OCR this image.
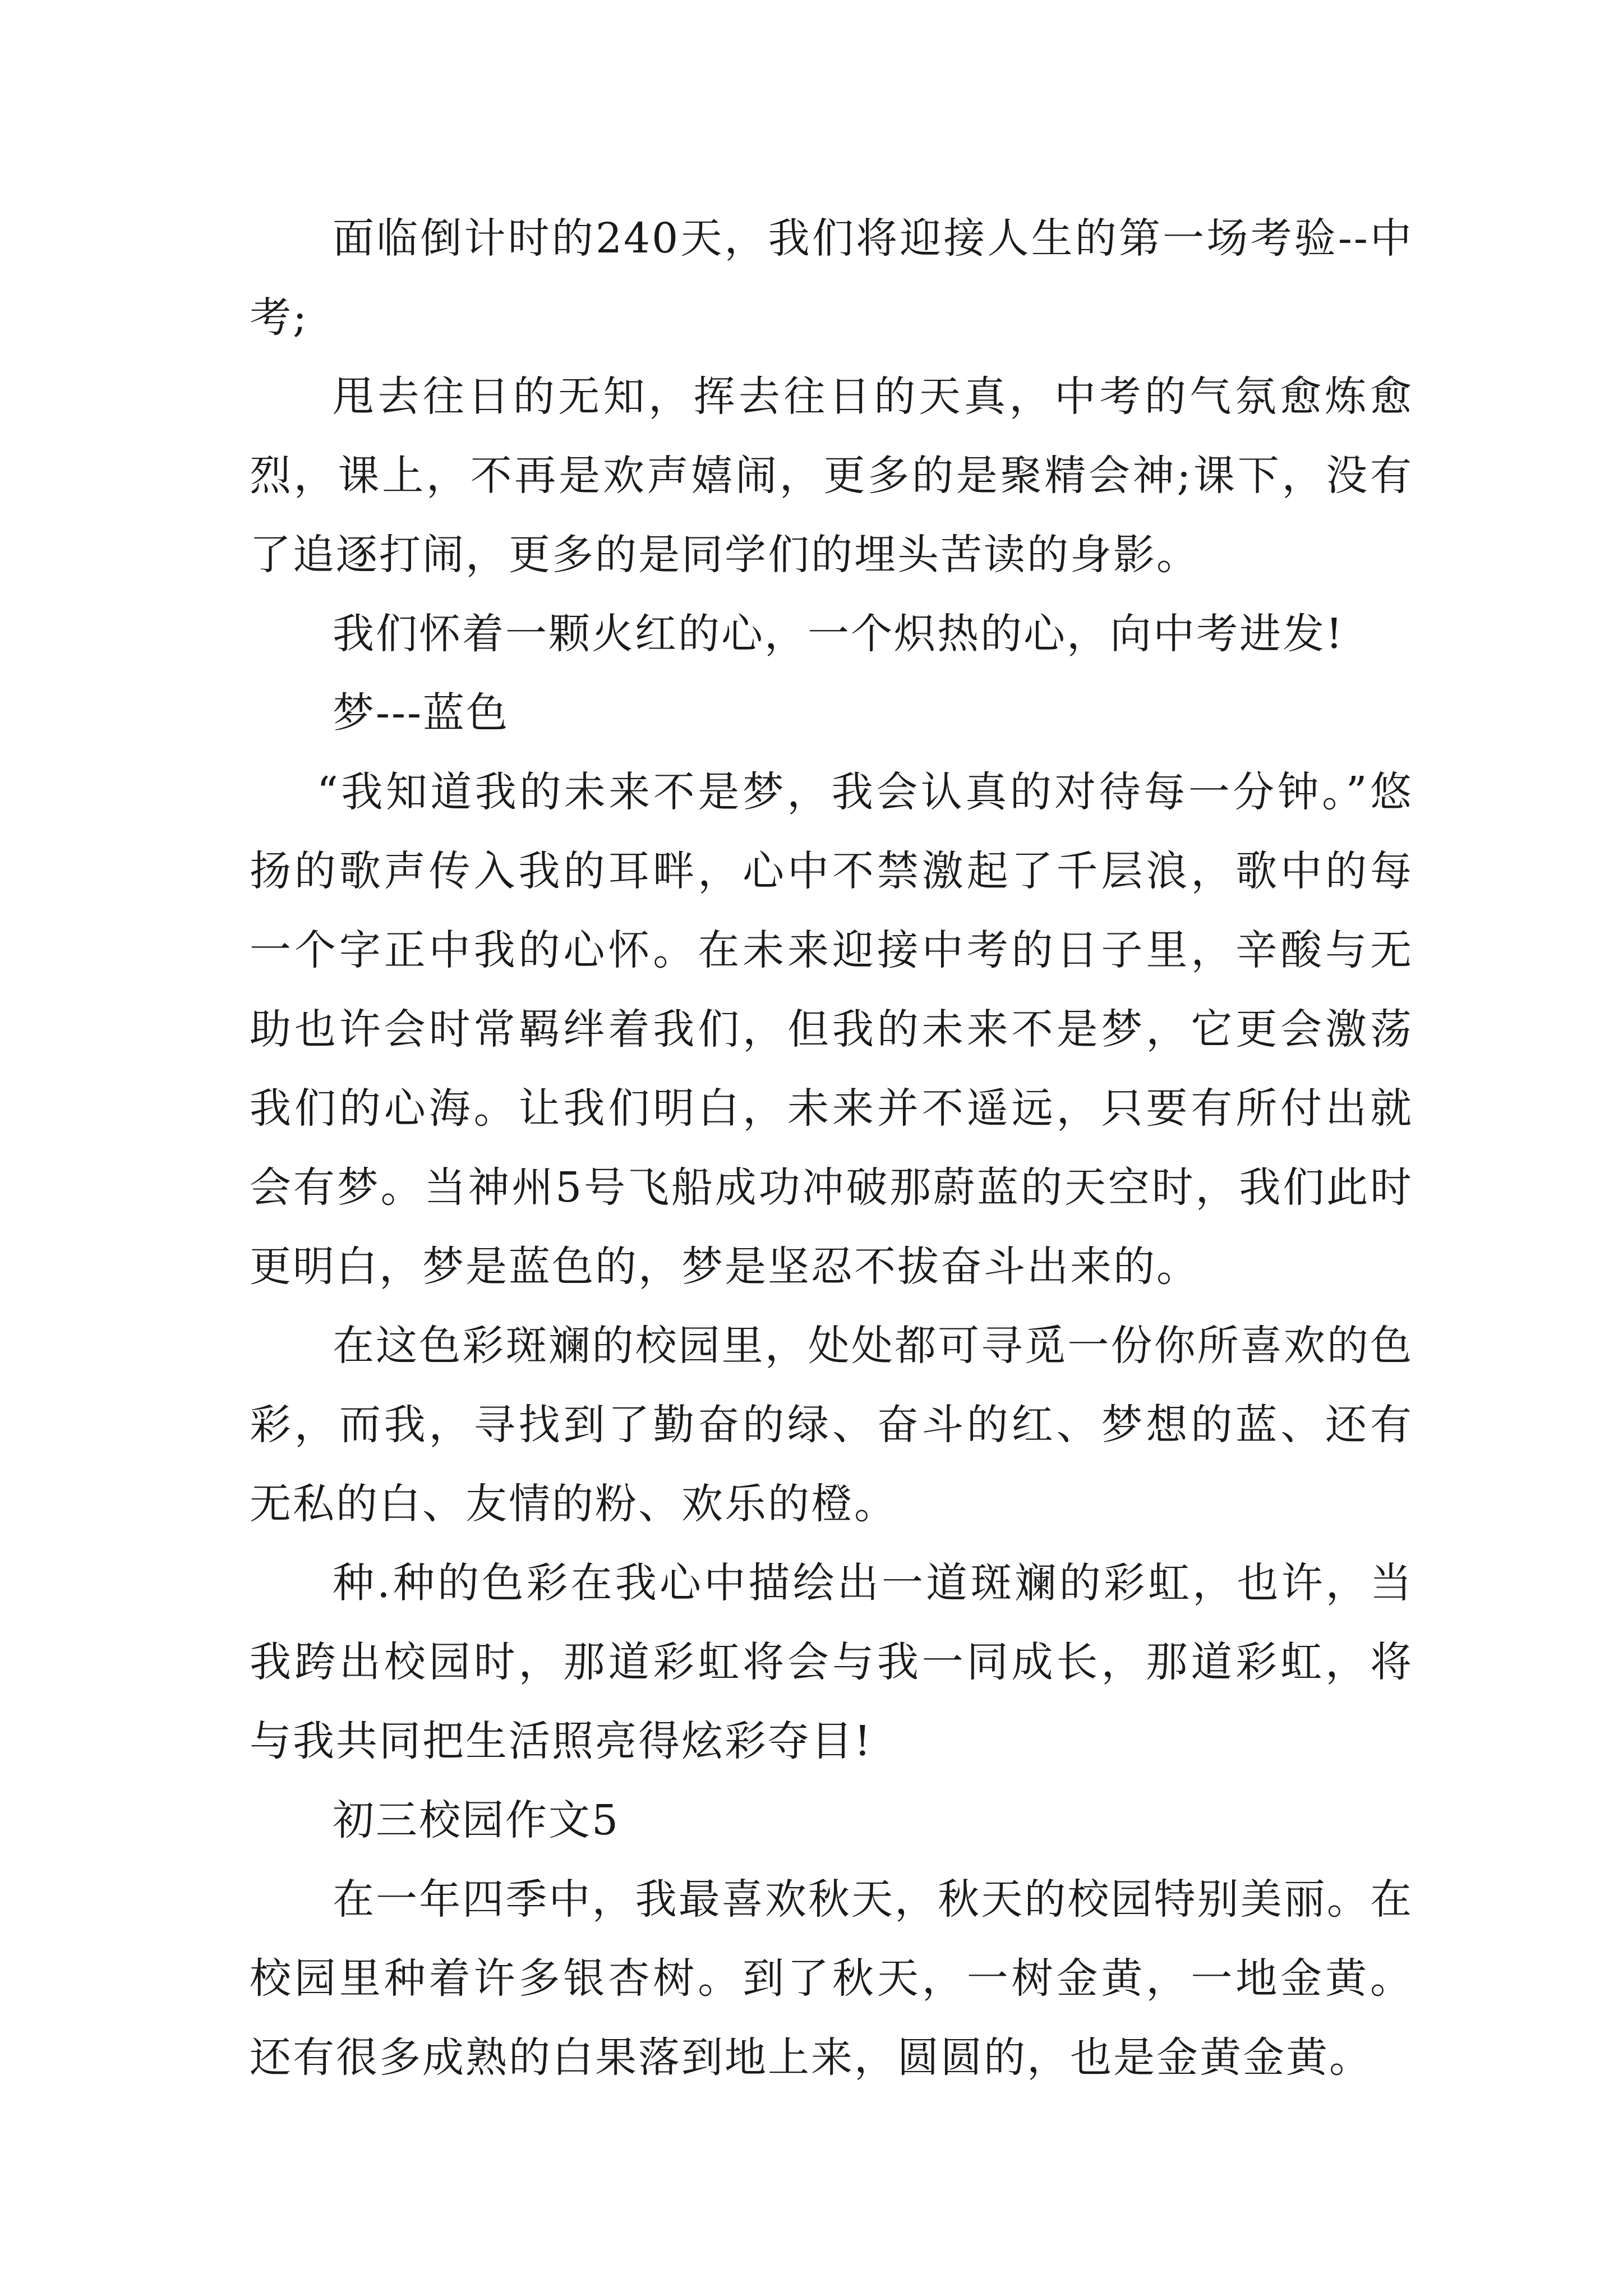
面临倒计时的240天，我们将迎接人生的第一场考验--中考;

甩去往日的无知，挥去往日的天真，中考的气氛愈炼愈烈，课上，不再是欢声嬉闹，更多的是聚精会神;课下，没有了追逐打闹，更多的是同学们的埋头苦读的身影。

我们怀着一颗火红的心，一个炽热的心，向中考进发!

梦---蓝色

“我知道我的未来不是梦，我会认真的对待每一分钟。”悠扬的歌声传入我的耳畔，心中不禁激起了千层浪，歌中的每一个字正中我的心怀。在未来迎接中考的日子里，辛酸与无助也许会时常羁绊着我们，但我的未来不是梦，它更会激荡我们的心海。让我们明白，未来并不遥远，只要有所付出就会有梦。当神州5号飞船成功冲破那蔚蓝的天空时，我们此时更明白，梦是蓝色的，梦是坚忍不拔奋斗出来的。

在这色彩斑斓的校园里，处处都可寻觅一份你所喜欢的色彩，而我，寻找到了勤奋的绿、奋斗的红、梦想的蓝、还有无私的白、友情的粉、欢乐的橙。

种.种的色彩在我心中描绘出一道斑斓的彩虹，也许，当我跨出校园时，那道彩虹将会与我一同成长，那道彩虹，将与我共同把生活照亮得炫彩夺目!

初三校园作文5

在一年四季中，我最喜欢秋天，秋天的校园特别美丽。在校园里种着许多银杏树。到了秋天，一树金黄，一地金黄。还有很多成熟的白果落到地上来，圆圆的，也是金黄金黄。
